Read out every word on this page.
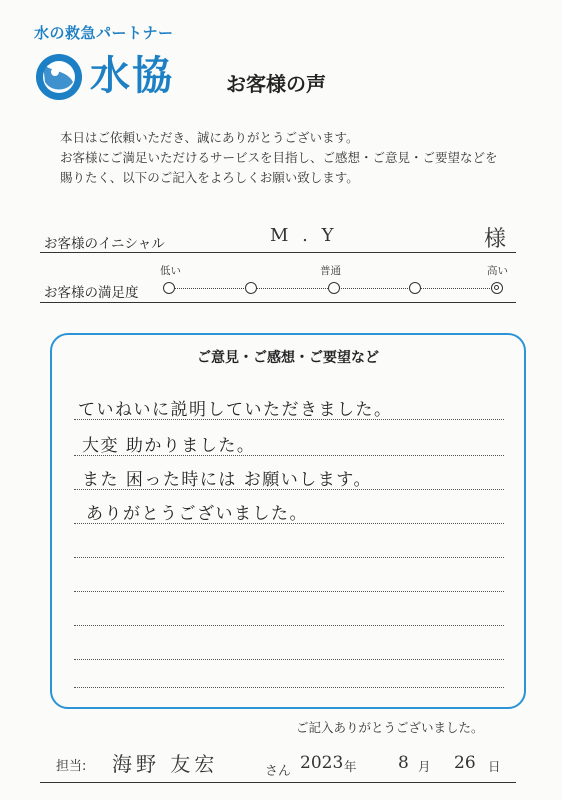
水の救急パートナー
水協	お客様の声
本日はご依頼いただき、誠にありがとうございます。
お客様にご満足いただけるサービスを目指し、ご感想・ご意見・ご要望などを
賜りたく、以下のご記入をよろしくお願い致します。
お客様のイニシャル	M . Y	様
低い	普通	高い
お客様の満足度
ご意見・ご感想・ご要望など
ていねいに説明していただきました。
大変 助かりました。
また 困った時には お願いします。
ありがとうございました。
ご記入ありがとうございました。
担当: 海野 友宏	さん 2023 年 8 月 26 日
